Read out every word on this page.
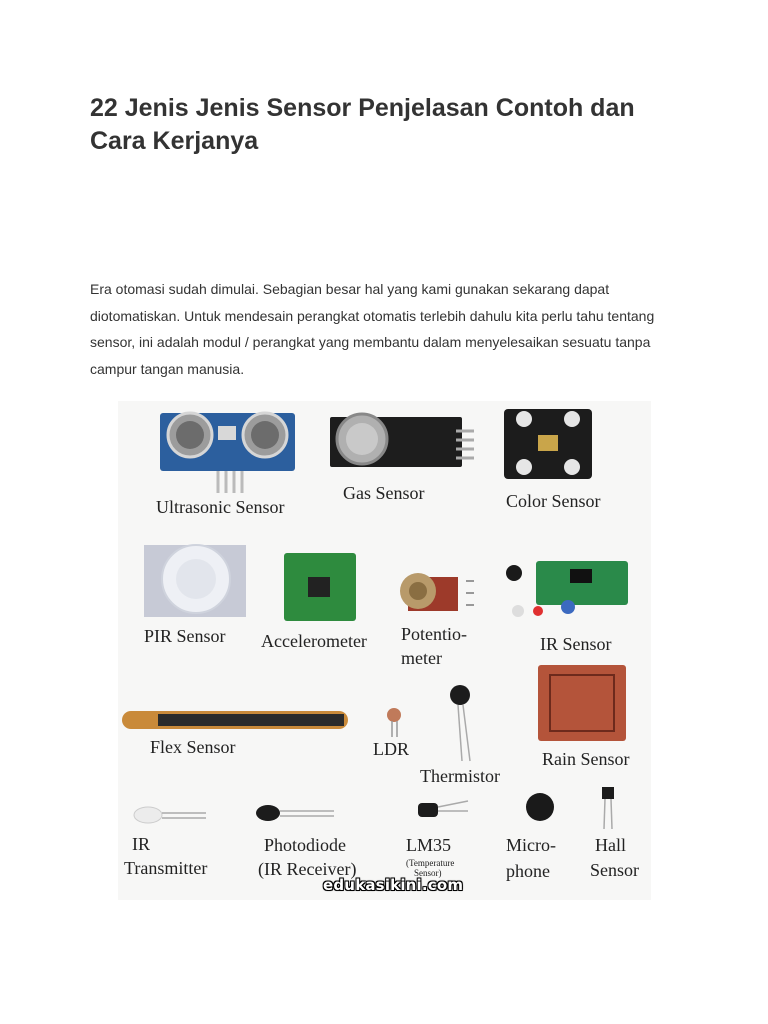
22 Jenis Jenis Sensor Penjelasan Contoh dan Cara Kerjanya

Era otomasi sudah dimulai. Sebagian besar hal yang kami gunakan sekarang dapat diotomatiskan. Untuk mendesain perangkat otomatis terlebih dahulu kita perlu tahu tentang sensor, ini adalah modul / perangkat yang membantu dalam menyelesaikan sesuatu tanpa campur tangan manusia.

Ultrasonic Sensor
Gas Sensor	Color Sensor
PIR Sensor Accelerometer Potentio-
meter
IR Sensor
Flex Sensor	LDR
Thermistor
Rain Sensor
IR
Transmitter
Photodiode
(IR Receiver)
LM35
(Temperature
Sensor)
Micro-
phone
Hall
Sensor
edukasikini.com
